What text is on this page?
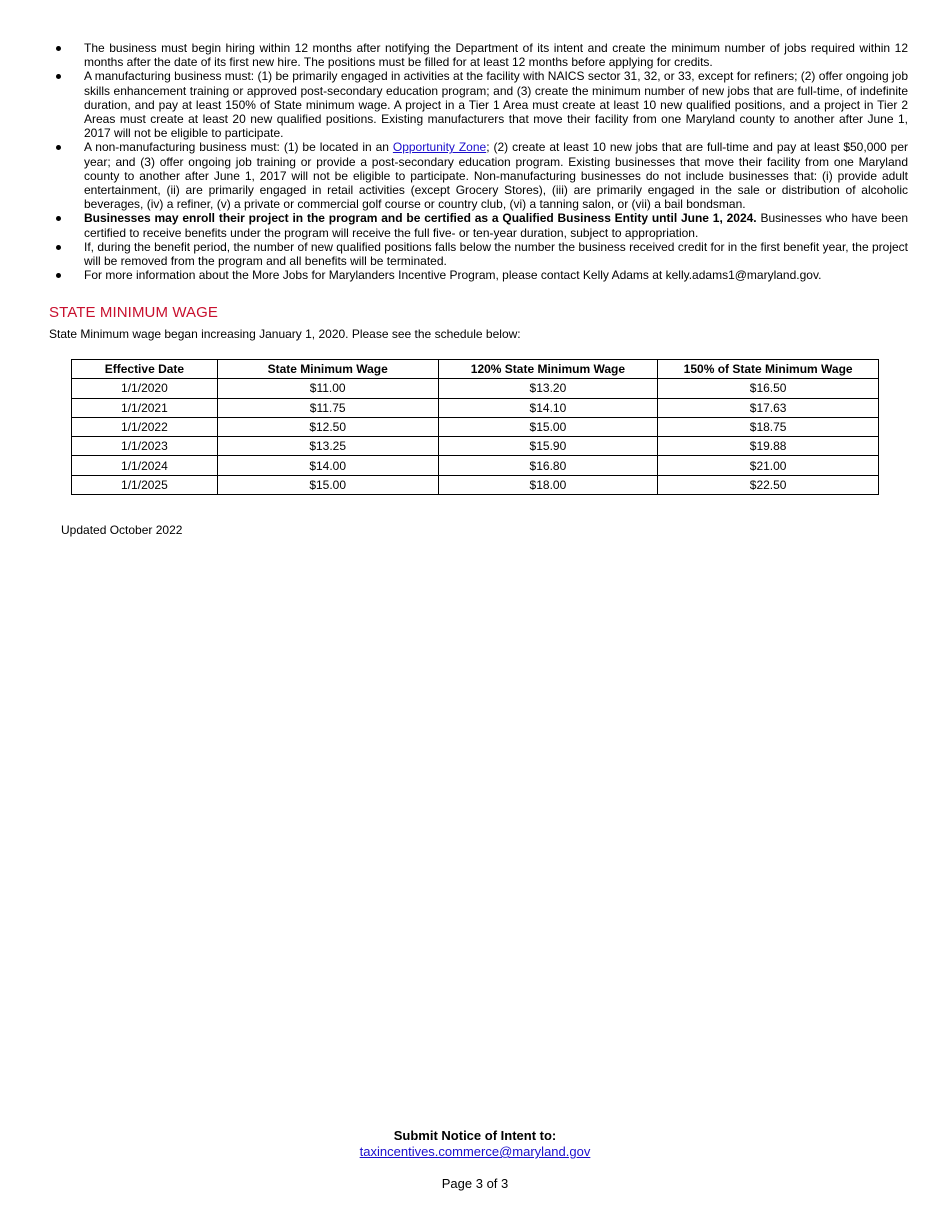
The business must begin hiring within 12 months after notifying the Department of its intent and create the minimum number of jobs required within 12 months after the date of its first new hire. The positions must be filled for at least 12 months before applying for credits.
A manufacturing business must: (1) be primarily engaged in activities at the facility with NAICS sector 31, 32, or 33, except for refiners; (2) offer ongoing job skills enhancement training or approved post-secondary education program; and (3) create the minimum number of new jobs that are full-time, of indefinite duration, and pay at least 150% of State minimum wage. A project in a Tier 1 Area must create at least 10 new qualified positions, and a project in Tier 2 Areas must create at least 20 new qualified positions. Existing manufacturers that move their facility from one Maryland county to another after June 1, 2017 will not be eligible to participate.
A non-manufacturing business must: (1) be located in an Opportunity Zone; (2) create at least 10 new jobs that are full-time and pay at least $50,000 per year; and (3) offer ongoing job training or provide a post-secondary education program. Existing businesses that move their facility from one Maryland county to another after June 1, 2017 will not be eligible to participate. Non-manufacturing businesses do not include businesses that: (i) provide adult entertainment, (ii) are primarily engaged in retail activities (except Grocery Stores), (iii) are primarily engaged in the sale or distribution of alcoholic beverages, (iv) a refiner, (v) a private or commercial golf course or country club, (vi) a tanning salon, or (vii) a bail bondsman.
Businesses may enroll their project in the program and be certified as a Qualified Business Entity until June 1, 2024. Businesses who have been certified to receive benefits under the program will receive the full five- or ten-year duration, subject to appropriation.
If, during the benefit period, the number of new qualified positions falls below the number the business received credit for in the first benefit year, the project will be removed from the program and all benefits will be terminated.
For more information about the More Jobs for Marylanders Incentive Program, please contact Kelly Adams at kelly.adams1@maryland.gov.
STATE MINIMUM WAGE
State Minimum wage began increasing January 1, 2020. Please see the schedule below:
Effective Date	State Minimum Wage	120% State Minimum Wage	150% of State Minimum Wage
1/1/2020	$11.00	$13.20	$16.50
1/1/2021	$11.75	$14.10	$17.63
1/1/2022	$12.50	$15.00	$18.75
1/1/2023	$13.25	$15.90	$19.88
1/1/2024	$14.00	$16.80	$21.00
1/1/2025	$15.00	$18.00	$22.50
Updated October 2022
Submit Notice of Intent to:
taxincentives.commerce@maryland.gov
Page 3 of 3
